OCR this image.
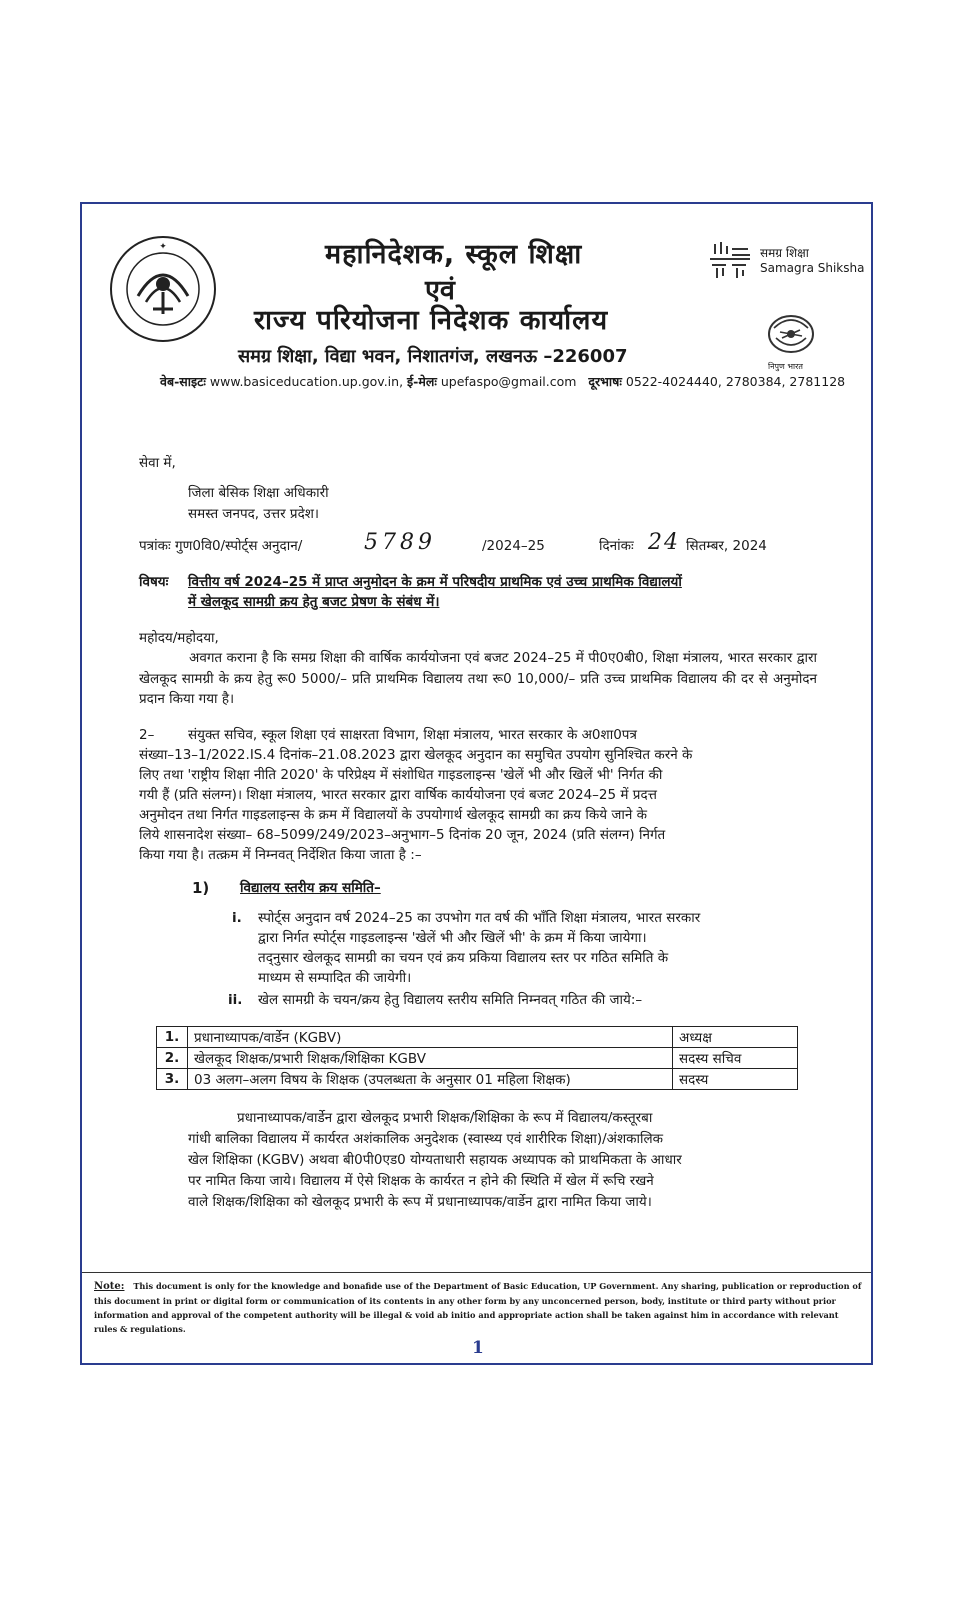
✦	समग्र शिक्षा
Samagra Shiksha
निपुण भारत
महानिदेशक, स्कूल शिक्षा
एवं
राज्य परियोजना निदेशक कार्यालय
समग्र शिक्षा, विद्या भवन, निशातगंज, लखनऊ –226007
वेब-साइटः www.basiceducation.up.gov.in, ई-मेलः upefaspo@gmail.com दूरभाषः 0522-4024440, 2780384, 2781128
सेवा में,
जिला बेसिक शिक्षा अधिकारी
समस्त जनपद, उत्तर प्रदेश।
पत्रांकः गुण0वि0/स्पोर्ट्स अनुदान/	5789	/2024–25	दिनांकः 24 सितम्बर, 2024
विषयः वित्तीय वर्ष 2024–25 में प्राप्त अनुमोदन के क्रम में परिषदीय प्राथमिक एवं उच्च प्राथमिक विद्यालयों
में खेलकूद सामग्री क्रय हेतु बजट प्रेषण के संबंध में।
महोदय/महोदया,
अवगत कराना है कि समग्र शिक्षा की वार्षिक कार्ययोजना एवं बजट 2024–25 में पी0ए0बी0, शिक्षा मंत्रालय, भारत सरकार द्वारा खेलकूद सामग्री के क्रय हेतु रू0 5000/– प्रति प्राथमिक विद्यालय तथा रू0 10,000/– प्रति उच्च प्राथमिक विद्यालय की दर से अनुमोदन प्रदान किया गया है।
2– संयुक्त सचिव, स्कूल शिक्षा एवं साक्षरता विभाग, शिक्षा मंत्रालय, भारत सरकार के अ0शा0पत्र
संख्या–13–1/2022.IS.4 दिनांक–21.08.2023 द्वारा खेलकूद अनुदान का समुचित उपयोग सुनिश्चित करने के
लिए तथा 'राष्ट्रीय शिक्षा नीति 2020' के परिप्रेक्ष्य में संशोधित गाइडलाइन्स 'खेलें भी और खिलें भी' निर्गत की
गयी हैं (प्रति संलग्न)। शिक्षा मंत्रालय, भारत सरकार द्वारा वार्षिक कार्ययोजना एवं बजट 2024–25 में प्रदत्त
अनुमोदन तथा निर्गत गाइडलाइन्स के क्रम में विद्यालयों के उपयोगार्थ खेलकूद सामग्री का क्रय किये जाने के
लिये शासनादेश संख्या– 68–5099/249/2023–अनुभाग–5 दिनांक 20 जून, 2024 (प्रति संलग्न) निर्गत
किया गया है। तत्क्रम में निम्नवत् निर्देशित किया जाता है :–
1) विद्यालय स्तरीय क्रय समिति–
i. स्पोर्ट्स अनुदान वर्ष 2024–25 का उपभोग गत वर्ष की भाँति शिक्षा मंत्रालय, भारत सरकार
द्वारा निर्गत स्पोर्ट्स गाइडलाइन्स 'खेलें भी और खिलें भी' के क्रम में किया जायेगा।
तद्नुसार खेलकूद सामग्री का चयन एवं क्रय प्रकिया विद्यालय स्तर पर गठित समिति के
माध्यम से सम्पादित की जायेगी।
ii. खेल सामग्री के चयन/क्रय हेतु विद्यालय स्तरीय समिति निम्नवत् गठित की जाये:–
1.	प्रधानाध्यापक/वार्डेन (KGBV)	अध्यक्ष
2.	खेलकूद शिक्षक/प्रभारी शिक्षक/शिक्षिका KGBV	सदस्य सचिव
3.	03 अलग–अलग विषय के शिक्षक (उपलब्धता के अनुसार 01 महिला शिक्षक)	सदस्य
प्रधानाध्यापक/वार्डेन द्वारा खेलकूद प्रभारी शिक्षक/शिक्षिका के रूप में विद्यालय/कस्तूरबा
गांधी बालिका विद्यालय में कार्यरत अशंकालिक अनुदेशक (स्वास्थ्य एवं शारीरिक शिक्षा)/अंशकालिक
खेल शिक्षिका (KGBV) अथवा बी0पी0एड0 योग्यताधारी सहायक अध्यापक को प्राथमिकता के आधार
पर नामित किया जाये। विद्यालय में ऐसे शिक्षक के कार्यरत न होने की स्थिति में खेल में रूचि रखने
वाले शिक्षक/शिक्षिका को खेलकूद प्रभारी के रूप में प्रधानाध्यापक/वार्डेन द्वारा नामित किया जाये।
Note: This document is only for the knowledge and bonafide use of the Department of Basic Education, UP Government. Any sharing, publication or reproduction of this document in print or digital form or communication of its contents in any other form by any unconcerned person, body, institute or third party without prior information and approval of the competent authority will be illegal & void ab initio and appropriate action shall be taken against him in accordance with relevant rules & regulations.
1
